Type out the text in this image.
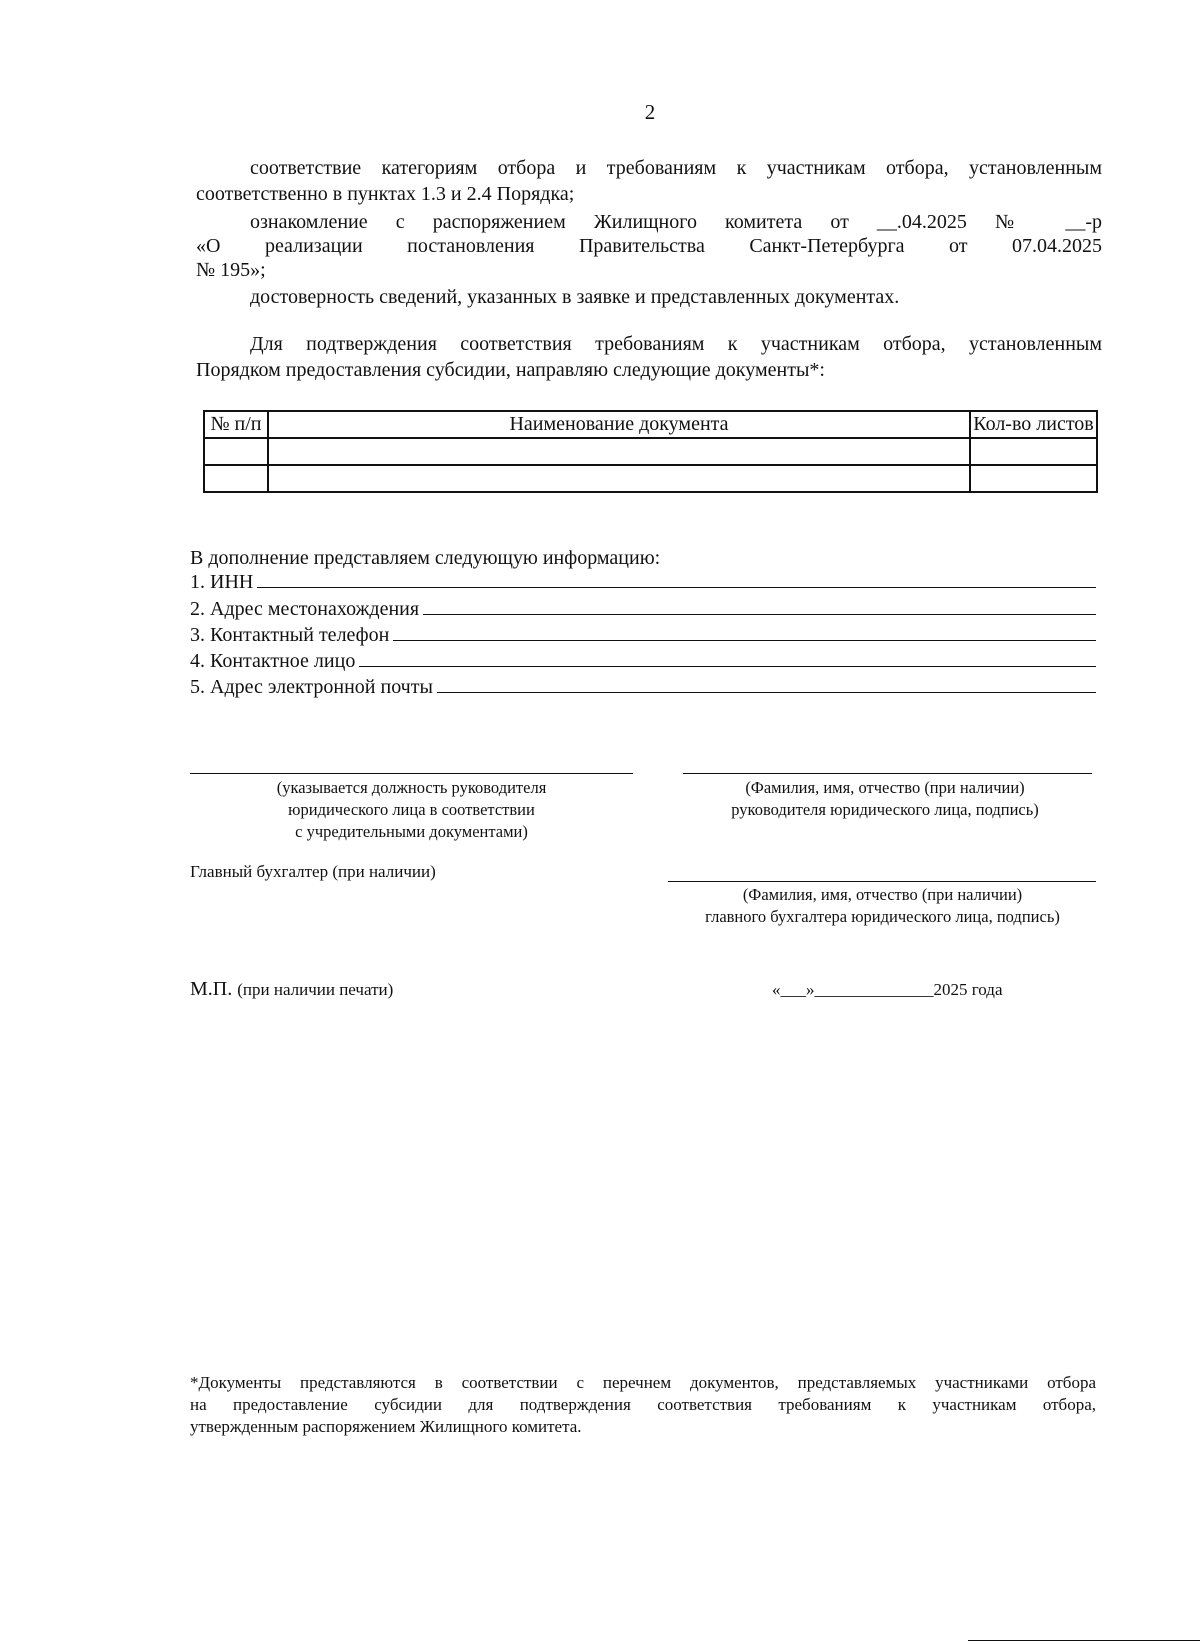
2
соответствие категориям отбора и требованиям к участникам отбора, установленным
соответственно в пунктах 1.3 и 2.4 Порядка;
ознакомление с распоряжением Жилищного комитета от __.04.2025 № __-р
«О реализации постановления Правительства Санкт-Петербурга от 07.04.2025
№ 195»;
достоверность сведений, указанных в заявке и представленных документах.
Для подтверждения соответствия требованиям к участникам отбора, установленным
Порядком предоставления субсидии, направляю следующие документы*:
№ п/п	Наименование документа	Кол-во листов

В дополнение представляем следующую информацию:
1. ИНН
2. Адрес местонахождения
3. Контактный телефон
4. Контактное лицо
5. Адрес электронной почты
(указывается должность руководителя
юридического лица в соответствии
с учредительными документами)
(Фамилия, имя, отчество (при наличии)
руководителя юридического лица, подпись)
Главный бухгалтер (при наличии)
(Фамилия, имя, отчество (при наличии)
главного бухгалтера юридического лица, подпись)
М.П. (при наличии печати)	«___»______________2025 года
*Документы представляются в соответствии с перечнем документов, представляемых участниками отбора
на предоставление субсидии для подтверждения соответствия требованиям к участникам отбора,
утвержденным распоряжением Жилищного комитета.
